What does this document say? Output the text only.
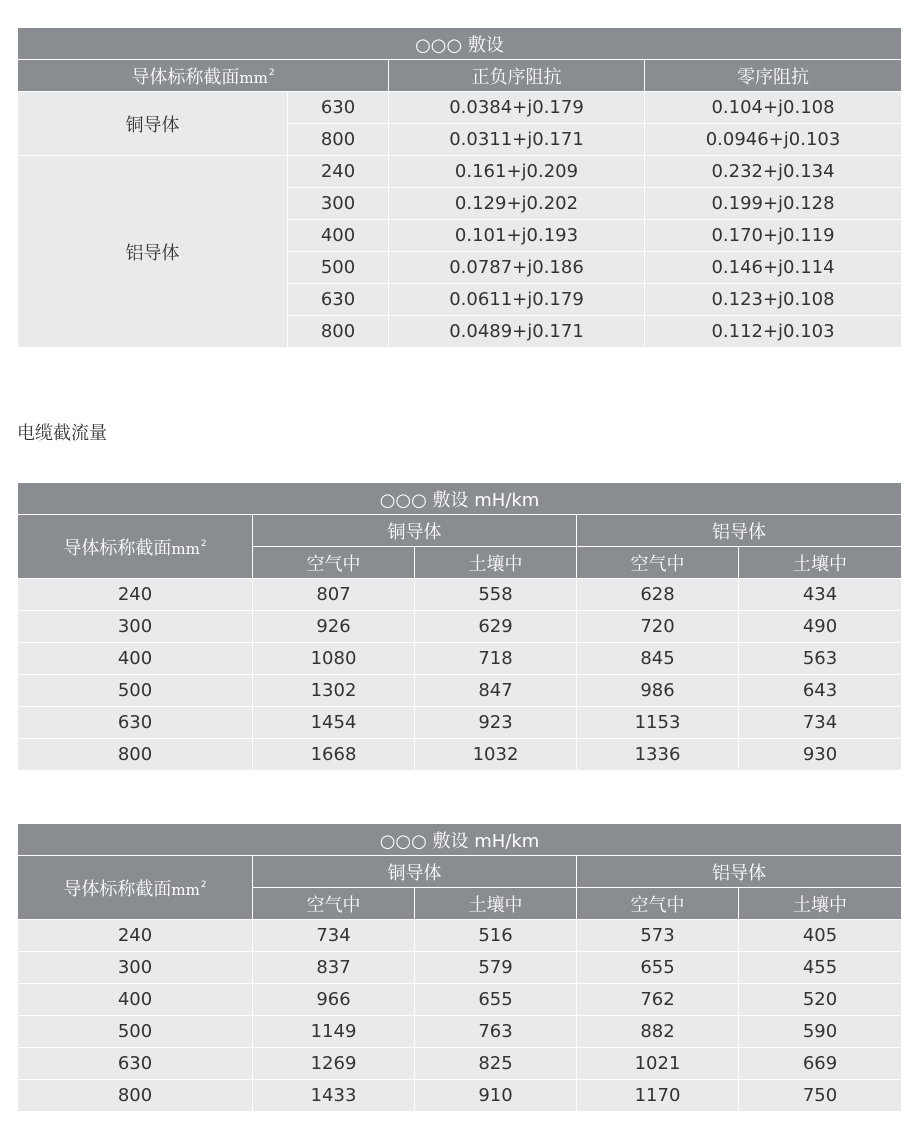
○○○ 敷设			
导体标称截面$mm^2$		正负序阻抗	零序阻抗
铜导体	630	0.0384+j0.179	0.104+j0.108
	800	0.0311+j0.171	0.0946+j0.103
铝导体	240	0.161+j0.209	0.232+j0.134
	300	0.129+j0.202	0.199+j0.128
	400	0.101+j0.193	0.170+j0.119
	500	0.0787+j0.186	0.146+j0.114
	630	0.0611+j0.179	0.123+j0.108
	800	0.0489+j0.171	0.112+j0.103
电缆截流量
○○○ 敷设 mH/km				
导体标称截面$mm^2$	铜导体		铝导体	
	空气中	土壤中	空气中	土壤中
240	807	558	628	434
300	926	629	720	490
400	1080	718	845	563
500	1302	847	986	643
630	1454	923	1153	734
800	1668	1032	1336	930
○○○ 敷设 mH/km				
导体标称截面$mm^2$	铜导体		铝导体	
	空气中	土壤中	空气中	土壤中
240	734	516	573	405
300	837	579	655	455
400	966	655	762	520
500	1149	763	882	590
630	1269	825	1021	669
800	1433	910	1170	750
